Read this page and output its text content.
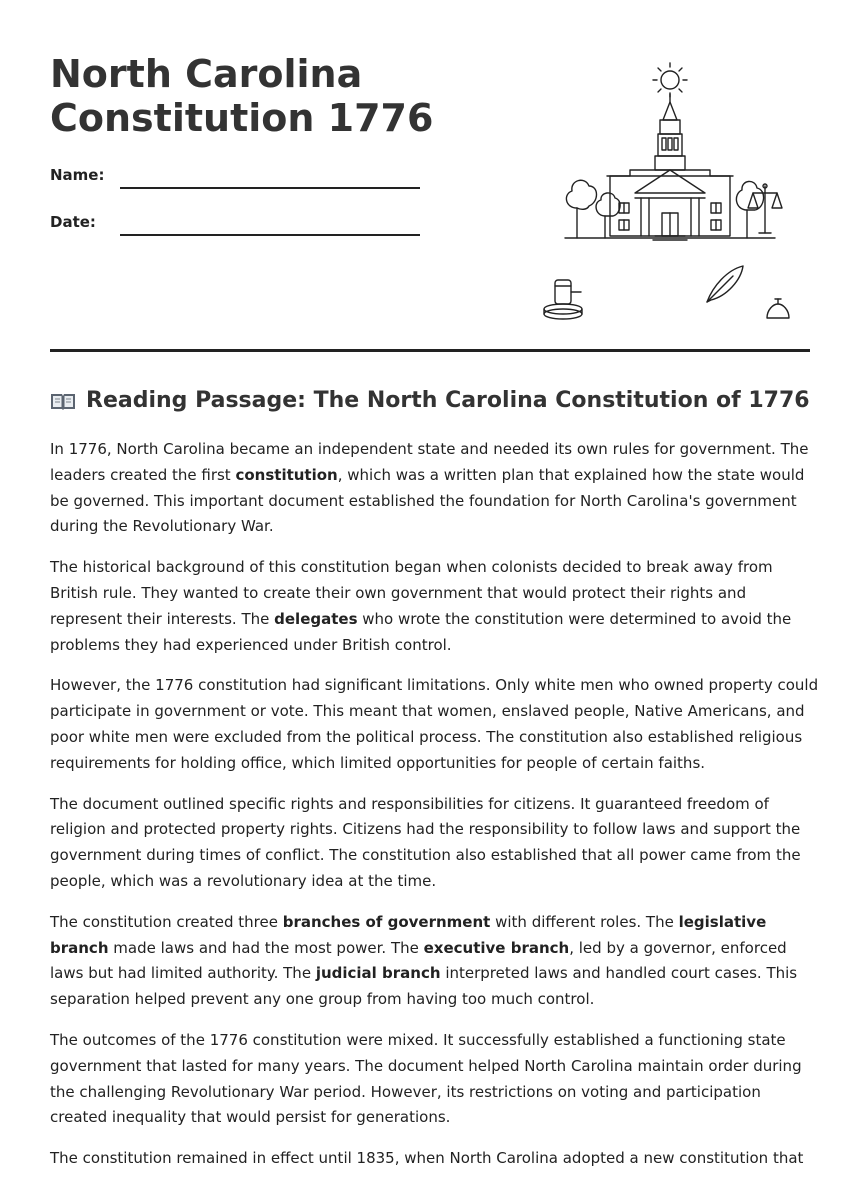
North Carolina
Constitution 1776
Name:
Date:
Reading Passage: The North Carolina Constitution of 1776

In 1776, North Carolina became an independent state and needed its own rules for government. The leaders created the first constitution, which was a written plan that explained how the state would be governed. This important document established the foundation for North Carolina's government during the Revolutionary War.

The historical background of this constitution began when colonists decided to break away from British rule. They wanted to create their own government that would protect their rights and represent their interests. The delegates who wrote the constitution were determined to avoid the problems they had experienced under British control.

However, the 1776 constitution had significant limitations. Only white men who owned property could participate in government or vote. This meant that women, enslaved people, Native Americans, and poor white men were excluded from the political process. The constitution also established religious requirements for holding office, which limited opportunities for people of certain faiths.

The document outlined specific rights and responsibilities for citizens. It guaranteed freedom of religion and protected property rights. Citizens had the responsibility to follow laws and support the government during times of conflict. The constitution also established that all power came from the people, which was a revolutionary idea at the time.

The constitution created three branches of government with different roles. The legislative branch made laws and had the most power. The executive branch, led by a governor, enforced laws but had limited authority. The judicial branch interpreted laws and handled court cases. This separation helped prevent any one group from having too much control.

The outcomes of the 1776 constitution were mixed. It successfully established a functioning state government that lasted for many years. The document helped North Carolina maintain order during the challenging Revolutionary War period. However, its restrictions on voting and participation created inequality that would persist for generations.

The constitution remained in effect until 1835, when North Carolina adopted a new constitution that
